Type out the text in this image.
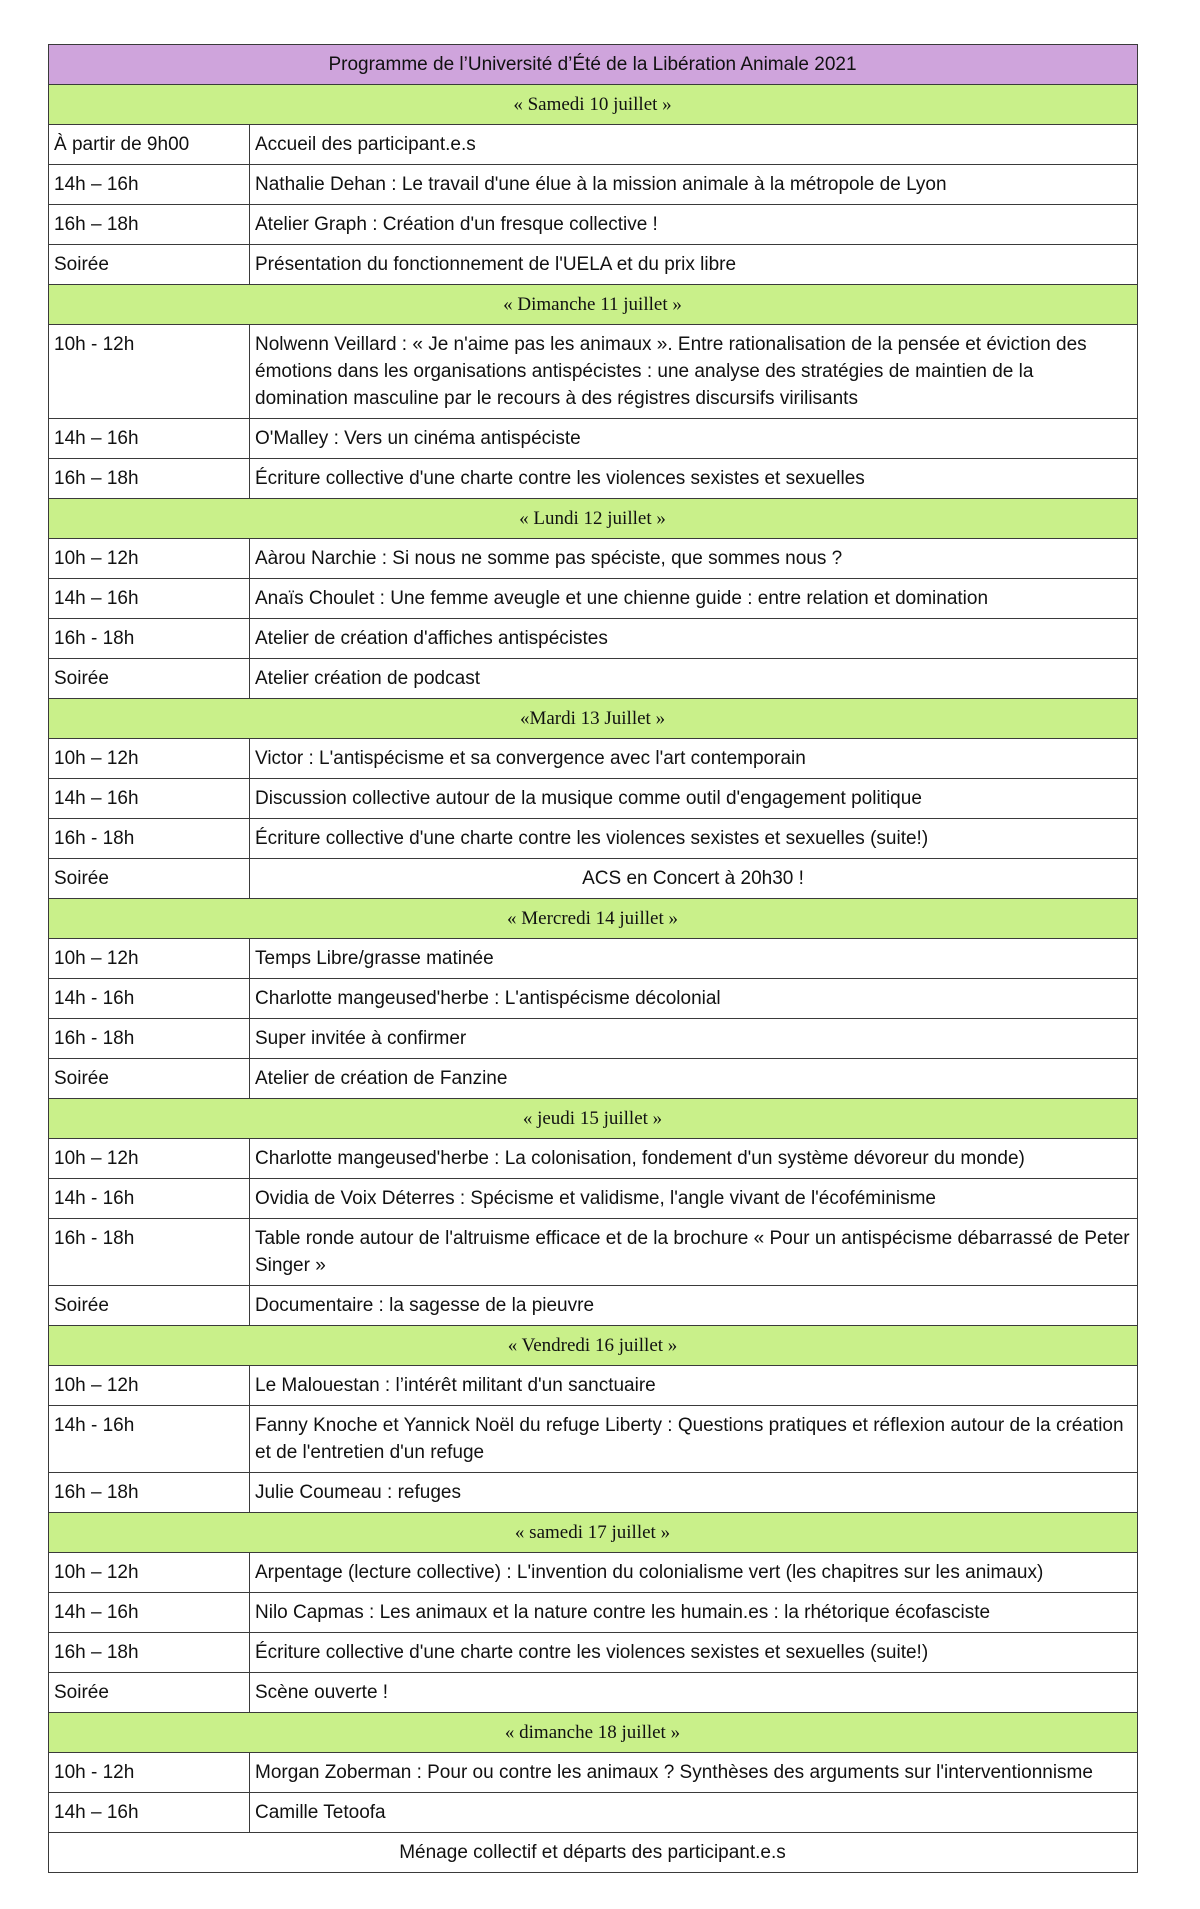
Programme de l’Université d’Été de la Libération Animale 2021	
« Samedi 10 juillet »	
À partir de 9h00	Accueil des participant.e.s
14h – 16h	Nathalie Dehan : Le travail d'une élue à la mission animale à la métropole de Lyon
16h – 18h	Atelier Graph : Création d'un fresque collective !
Soirée	Présentation du fonctionnement de l'UELA et du prix libre
« Dimanche 11 juillet »	
10h - 12h	Nolwenn Veillard : « Je n'aime pas les animaux ». Entre rationalisation de la pensée et éviction des émotions dans les organisations antispécistes : une analyse des stratégies de maintien de la domination masculine par le recours à des régistres discursifs virilisants
14h – 16h	O'Malley : Vers un cinéma antispéciste
16h – 18h	Écriture collective d'une charte contre les violences sexistes et sexuelles
« Lundi 12 juillet »	
10h – 12h	Aàrou Narchie : Si nous ne somme pas spéciste, que sommes nous ?
14h – 16h	Anaïs Choulet : Une femme aveugle et une chienne guide : entre relation et domination
16h - 18h	Atelier de création d'affiches antispécistes
Soirée	Atelier création de podcast
«Mardi 13 Juillet »	
10h – 12h	Victor : L'antispécisme et sa convergence avec l'art contemporain
14h – 16h	Discussion collective autour de la musique comme outil d'engagement politique
16h - 18h	Écriture collective d'une charte contre les violences sexistes et sexuelles (suite!)
Soirée	ACS en Concert à 20h30 !
« Mercredi 14 juillet »	
10h – 12h	Temps Libre/grasse matinée
14h - 16h	Charlotte mangeused'herbe : L'antispécisme décolonial
16h - 18h	Super invitée à confirmer
Soirée	Atelier de création de Fanzine
« jeudi 15 juillet »	
10h – 12h	Charlotte mangeused'herbe : La colonisation, fondement d'un système dévoreur du monde)
14h - 16h	Ovidia de Voix Déterres : Spécisme et validisme, l'angle vivant de l'écoféminisme
16h - 18h	Table ronde autour de l'altruisme efficace et de la brochure « Pour un antispécisme débarrassé de Peter Singer »
Soirée	Documentaire : la sagesse de la pieuvre
« Vendredi 16 juillet »	
10h – 12h	Le Malouestan : l’intérêt militant d'un sanctuaire
14h - 16h	Fanny Knoche et Yannick Noël du refuge Liberty : Questions pratiques et réflexion autour de la création et de l'entretien d'un refuge
16h – 18h	Julie Coumeau : refuges
« samedi 17 juillet »	
10h – 12h	Arpentage (lecture collective) : L'invention du colonialisme vert (les chapitres sur les animaux)
14h – 16h	Nilo Capmas : Les animaux et la nature contre les humain.es : la rhétorique écofasciste
16h – 18h	Écriture collective d'une charte contre les violences sexistes et sexuelles (suite!)
Soirée	Scène ouverte !
« dimanche 18 juillet »	
10h - 12h	Morgan Zoberman : Pour ou contre les animaux ? Synthèses des arguments sur l'interventionnisme
14h – 16h	Camille Tetoofa
Ménage collectif et départs des participant.e.s	
